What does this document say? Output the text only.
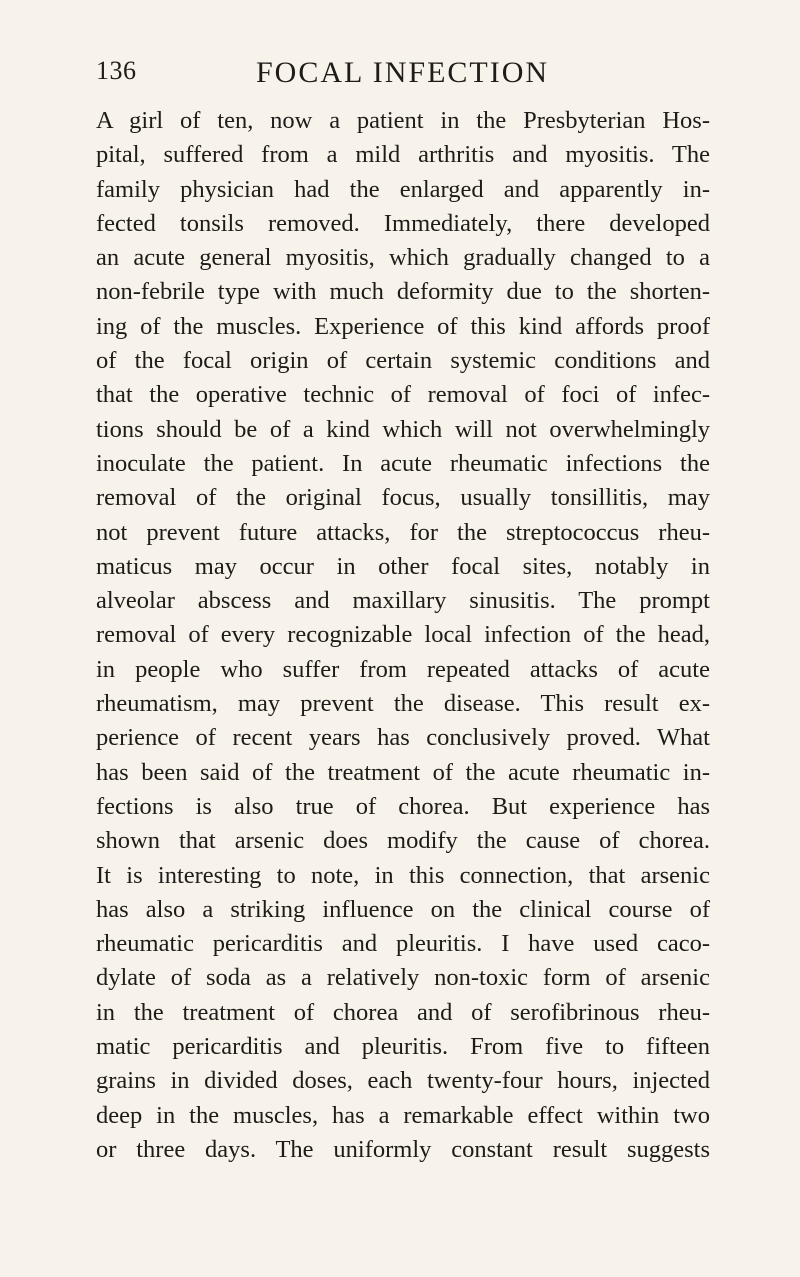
136	FOCAL INFECTION
A girl of ten, now a patient in the Presbyterian Hos-
pital, suffered from a mild arthritis and myositis. The
family physician had the enlarged and apparently in-
fected tonsils removed. Immediately, there developed
an acute general myositis, which gradually changed to a
non-febrile type with much deformity due to the shorten-
ing of the muscles. Experience of this kind affords proof
of the focal origin of certain systemic conditions and
that the operative technic of removal of foci of infec-
tions should be of a kind which will not overwhelmingly
inoculate the patient. In acute rheumatic infections the
removal of the original focus, usually tonsillitis, may
not prevent future attacks, for the streptococcus rheu-
maticus may occur in other focal sites, notably in
alveolar abscess and maxillary sinusitis. The prompt
removal of every recognizable local infection of the head,
in people who suffer from repeated attacks of acute
rheumatism, may prevent the disease. This result ex-
perience of recent years has conclusively proved. What
has been said of the treatment of the acute rheumatic in-
fections is also true of chorea. But experience has
shown that arsenic does modify the cause of chorea.
It is interesting to note, in this connection, that arsenic
has also a striking influence on the clinical course of
rheumatic pericarditis and pleuritis. I have used caco-
dylate of soda as a relatively non-toxic form of arsenic
in the treatment of chorea and of serofibrinous rheu-
matic pericarditis and pleuritis. From five to fifteen
grains in divided doses, each twenty-four hours, injected
deep in the muscles, has a remarkable effect within two
or three days. The uniformly constant result suggests
